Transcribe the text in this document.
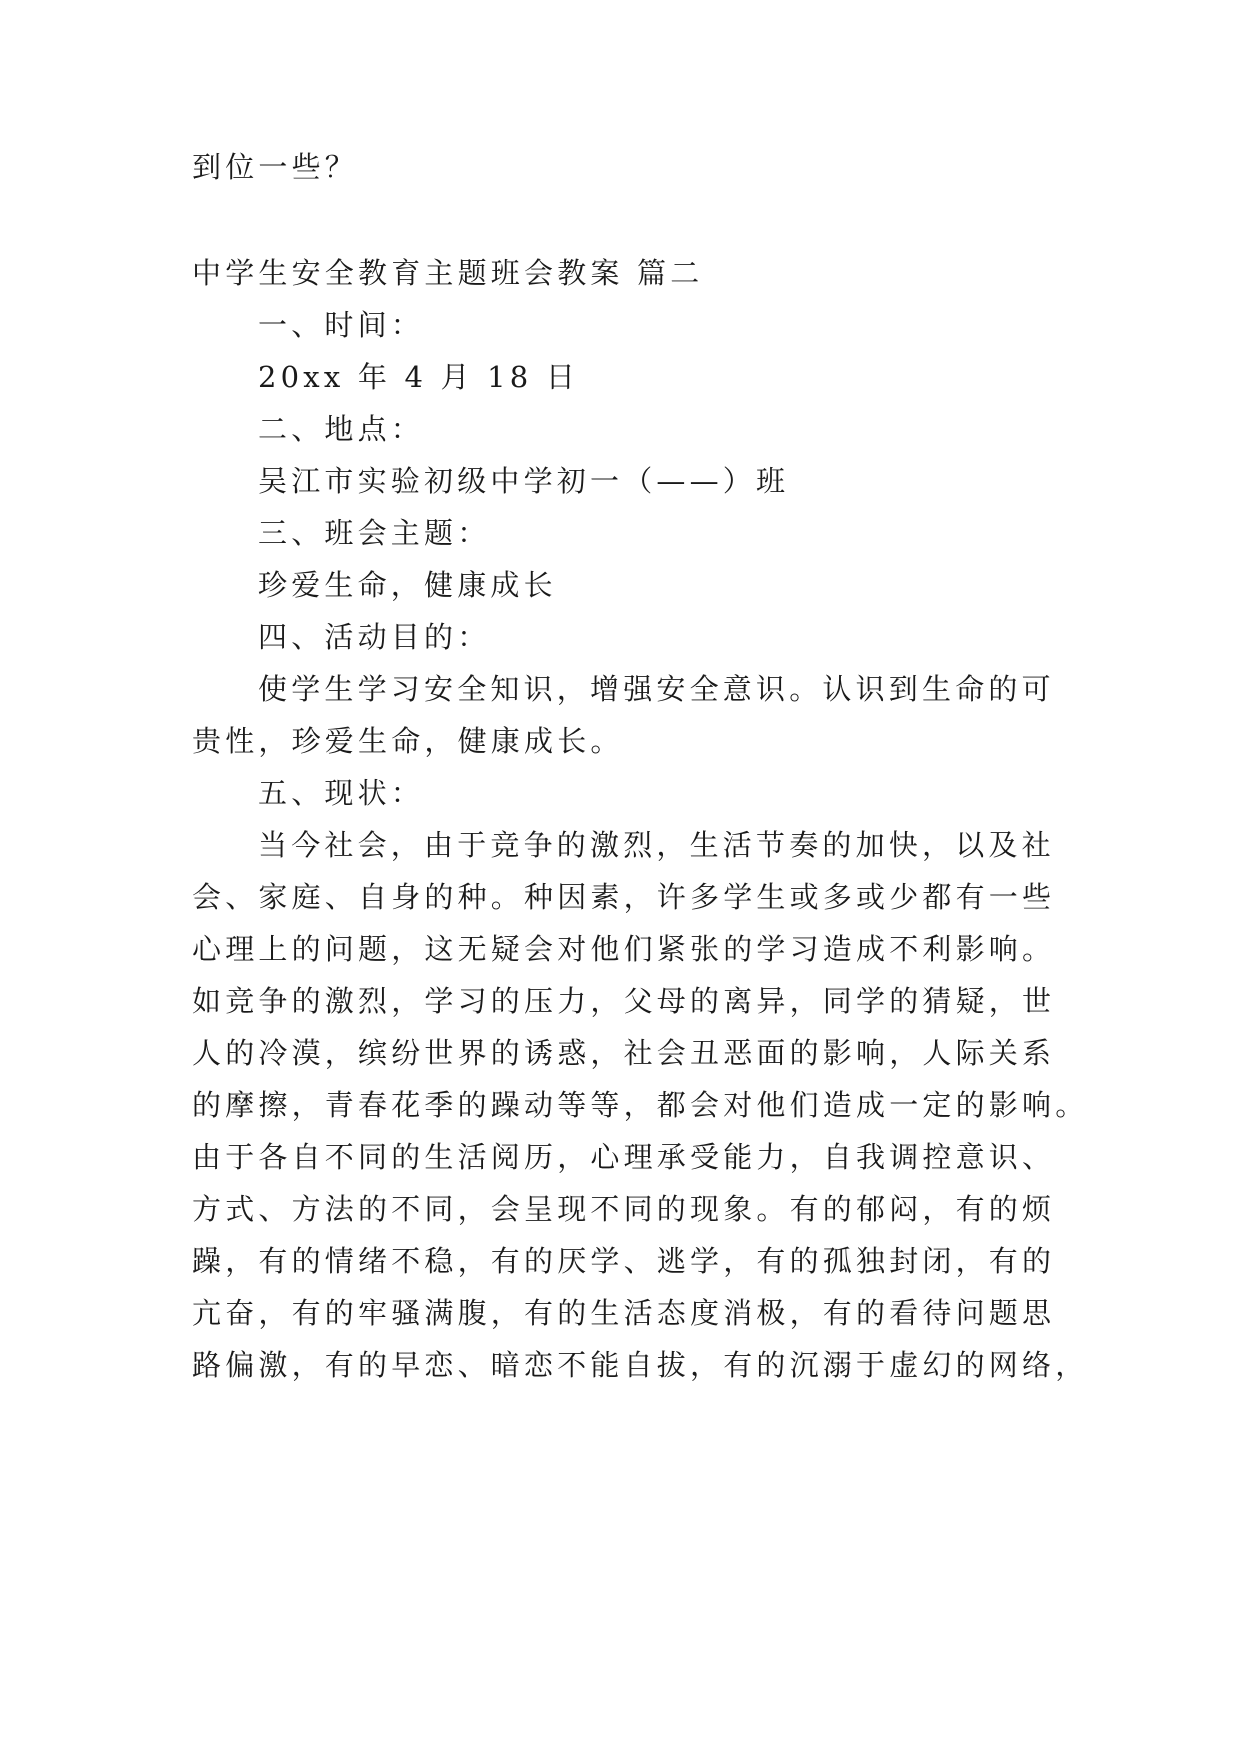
到位一些？
中学生安全教育主题班会教案 篇二
一、时间：
20xx 年 4 月 18 日
二、地点：
吴江市实验初级中学初一（——）班
三、班会主题：
珍爱生命，健康成长
四、活动目的：
使学生学习安全知识，增强安全意识。认识到生命的可
贵性，珍爱生命，健康成长。
五、现状：
当今社会，由于竞争的激烈，生活节奏的加快，以及社
会、家庭、自身的种。种因素，许多学生或多或少都有一些
心理上的问题，这无疑会对他们紧张的学习造成不利影响。
如竞争的激烈，学习的压力，父母的离异，同学的猜疑，世
人的冷漠，缤纷世界的诱惑，社会丑恶面的影响，人际关系
的摩擦，青春花季的躁动等等，都会对他们造成一定的影响。
由于各自不同的生活阅历，心理承受能力，自我调控意识、
方式、方法的不同，会呈现不同的现象。有的郁闷，有的烦
躁，有的情绪不稳，有的厌学、逃学，有的孤独封闭，有的
亢奋，有的牢骚满腹，有的生活态度消极，有的看待问题思
路偏激，有的早恋、暗恋不能自拔，有的沉溺于虚幻的网络，
